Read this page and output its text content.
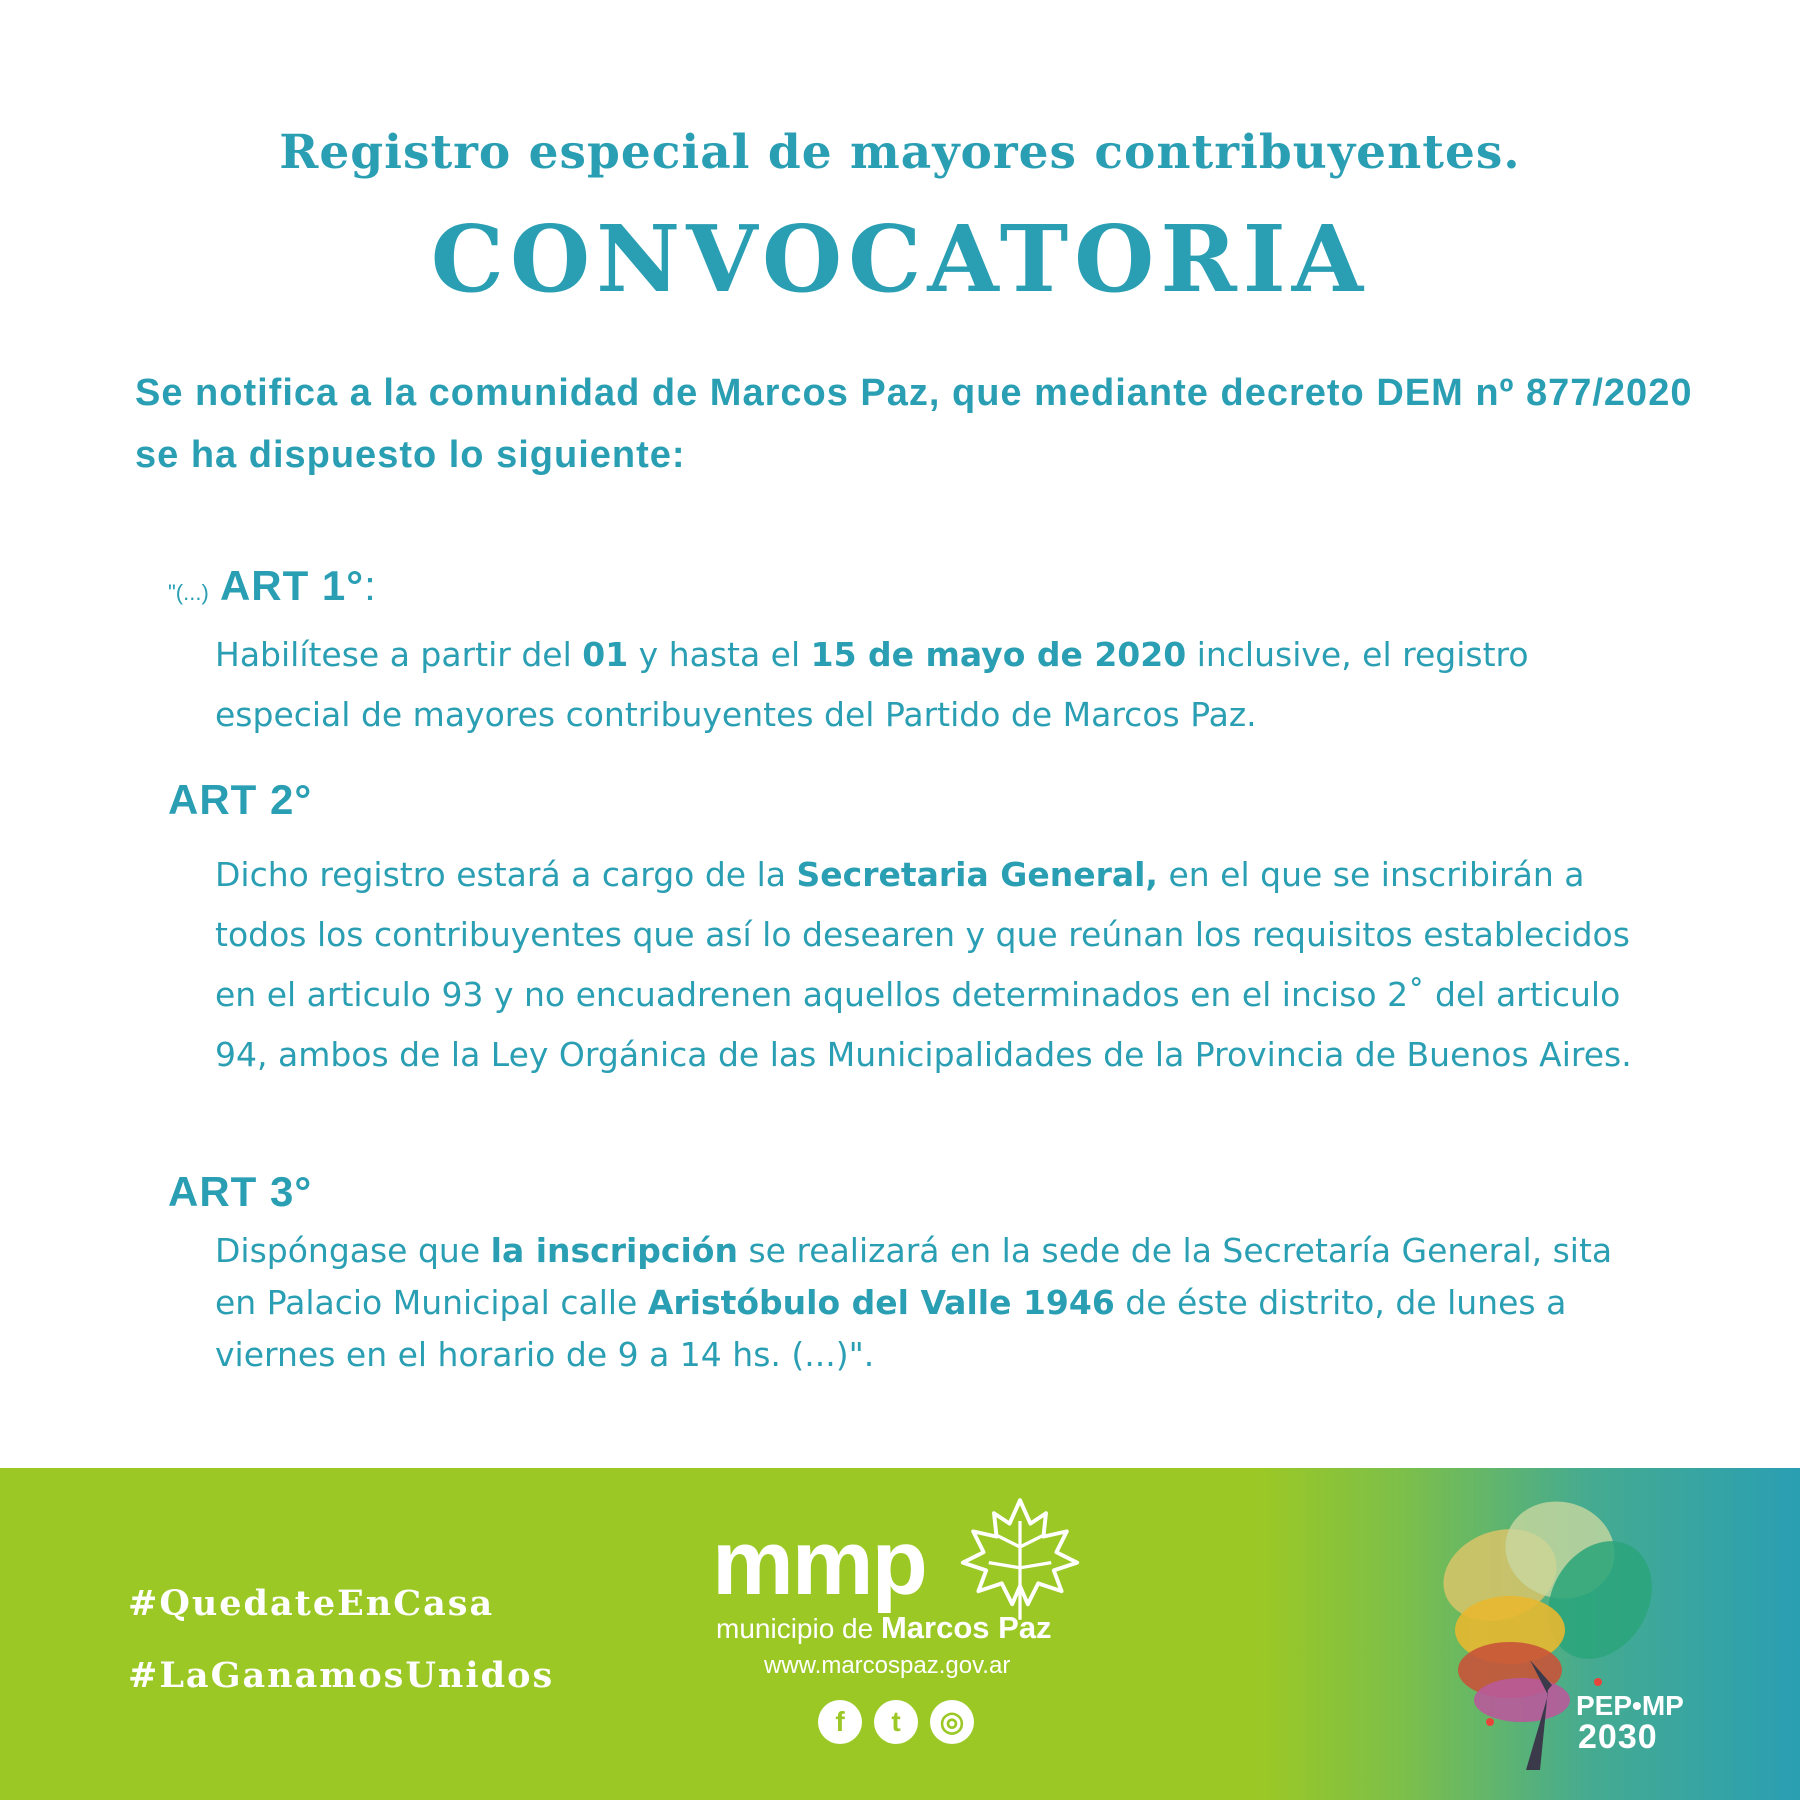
Registro especial de mayores contribuyentes.
CONVOCATORIA

Se notifica a la comunidad de Marcos Paz, que mediante decreto DEM nº 877/2020 se ha dispuesto lo siguiente:

"(...) ART 1°:

Habilítese a partir del 01 y hasta el 15 de mayo de 2020 inclusive, el registro especial de mayores contribuyentes del Partido de Marcos Paz.

ART 2°

Dicho registro estará a cargo de la Secretaria General, en el que se inscribirán a todos los contribuyentes que así lo desearen y que reúnan los requisitos establecidos en el articulo 93 y no encuadrenen aquellos determinados en el inciso 2˚ del articulo 94, ambos de la Ley Orgánica de las Municipalidades de la Provincia de Buenos Aires.

ART 3°

Dispóngase que la inscripción se realizará en la sede de la Secretaría General, sita en Palacio Municipal calle Aristóbulo del Valle 1946 de éste distrito, de lunes a viernes en el horario de 9 a 14 hs. (...)".

#QuedateEnCasa
#LaGanamosUnidos
mmp
municipio de Marcos Paz
www.marcospaz.gov.ar
f t ◎
PEP•MP
2030
